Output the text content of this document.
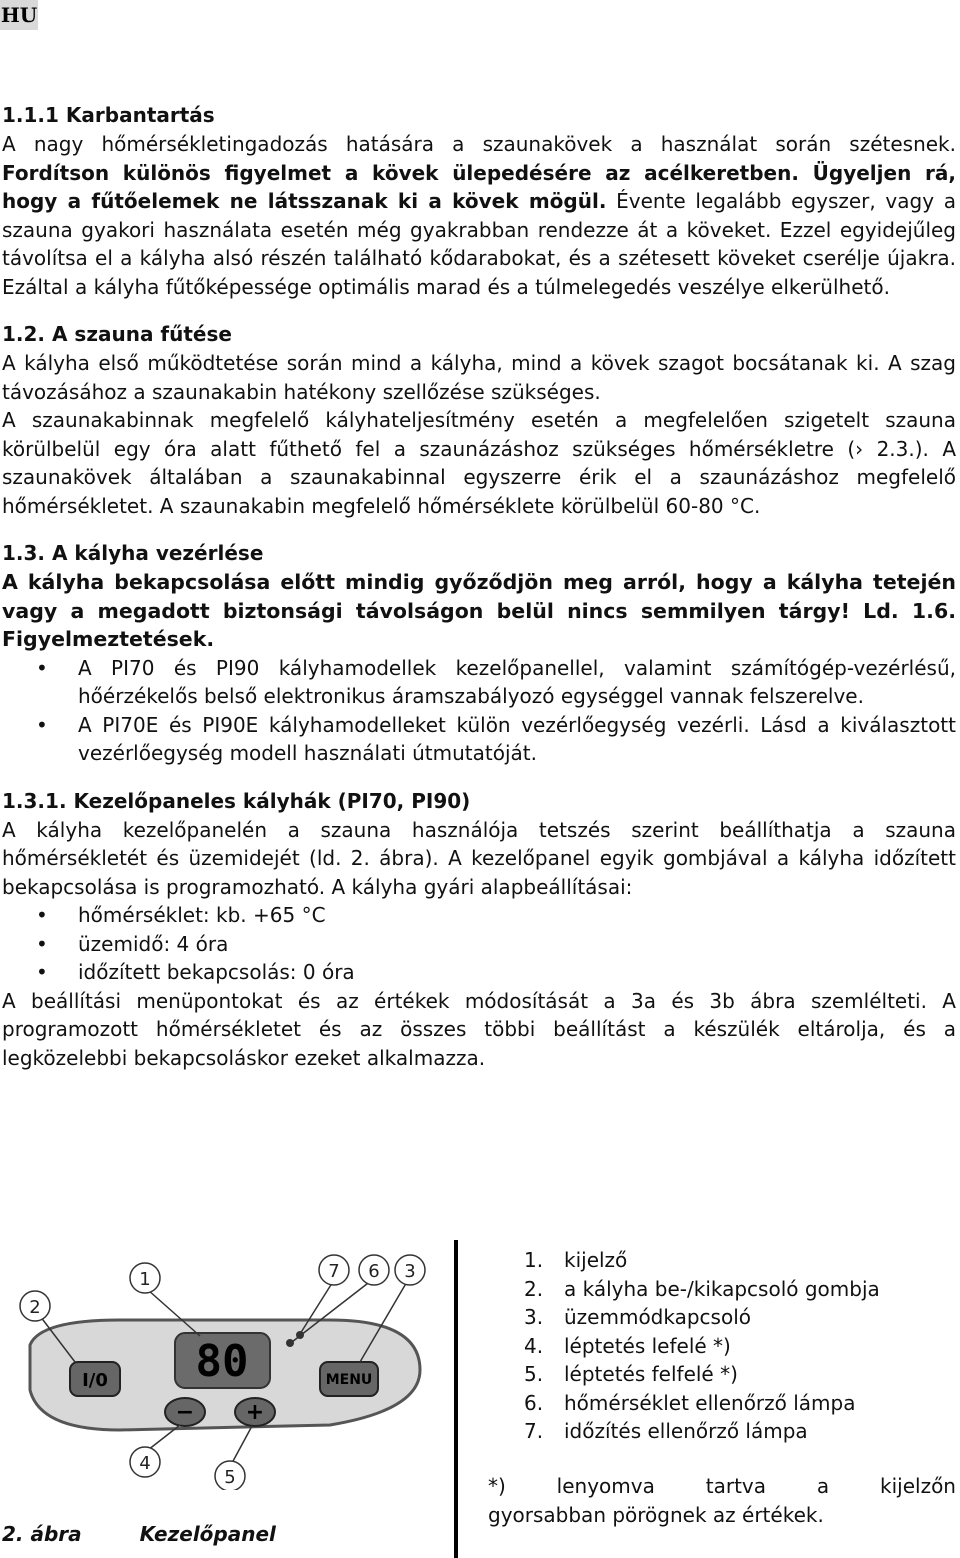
HU

1.1.1 Karbantartás

A nagy hőmérsékletingadozás hatására a szaunakövek a használat során szétesnek. Fordítson különös figyelmet a kövek ülepedésére az acélkeretben. Ügyeljen rá, hogy a fűtőelemek ne látsszanak ki a kövek mögül. Évente legalább egyszer, vagy a szauna gyakori használata esetén még gyakrabban rendezze át a köveket. Ezzel egyidejűleg távolítsa el a kályha alsó részén található kődarabokat, és a szétesett köveket cserélje újakra. Ezáltal a kályha fűtőképessége optimális marad és a túlmelegedés veszélye elkerülhető.

1.2. A szauna fűtése

A kályha első működtetése során mind a kályha, mind a kövek szagot bocsátanak ki. A szag távozásához a szaunakabin hatékony szellőzése szükséges.

A szaunakabinnak megfelelő kályhateljesítmény esetén a megfelelően szigetelt szauna körülbelül egy óra alatt fűthető fel a szaunázáshoz szükséges hőmérsékletre (› 2.3.). A szaunakövek általában a szaunakabinnal egyszerre érik el a szaunázáshoz megfelelő hőmérsékletet. A szaunakabin megfelelő hőmérséklete körülbelül 60-80 °C.

1.3. A kályha vezérlése

A kályha bekapcsolása előtt mindig győződjön meg arról, hogy a kályha tetején vagy a megadott biztonsági távolságon belül nincs semmilyen tárgy! Ld. 1.6. Figyelmeztetések.

• A PI70 és PI90 kályhamodellek kezelőpanellel, valamint számítógép-vezérlésű, hőérzékelős belső elektronikus áramszabályozó egységgel vannak felszerelve.
• A PI70E és PI90E kályhamodelleket külön vezérlőegység vezérli. Lásd a kiválasztott vezérlőegység modell használati útmutatóját.

1.3.1. Kezelőpaneles kályhák (PI70, PI90)

A kályha kezelőpanelén a szauna használója tetszés szerint beállíthatja a szauna hőmérsékletét és üzemidejét (ld. 2. ábra). A kezelőpanel egyik gombjával a kályha időzített bekapcsolása is programozható. A kályha gyári alapbeállításai:

• hőmérséklet: kb. +65 °C
• üzemidő: 4 óra
• időzített bekapcsolás: 0 óra

A beállítási menüpontokat és az értékek módosítását a 3a és 3b ábra szemlélteti. A programozott hőmérsékletet és az összes többi beállítást a készülék eltárolja, és a legközelebbi bekapcsoláskor ezeket alkalmazza.

80
I/0	MENU
− +
1
2
3
4
5
6
7	1. kijelző
2. a kályha be-/kikapcsoló gombja
3. üzemmódkapcsoló
4. léptetés lefelé *)
5. léptetés felfelé *)
6. hőmérséklet ellenőrző lámpa
7. időzítés ellenőrző lámpa
*) lenyomva tartva a kijelzőn
gyorsabban pörögnek az értékek.
2. ábra	Kezelőpanel
